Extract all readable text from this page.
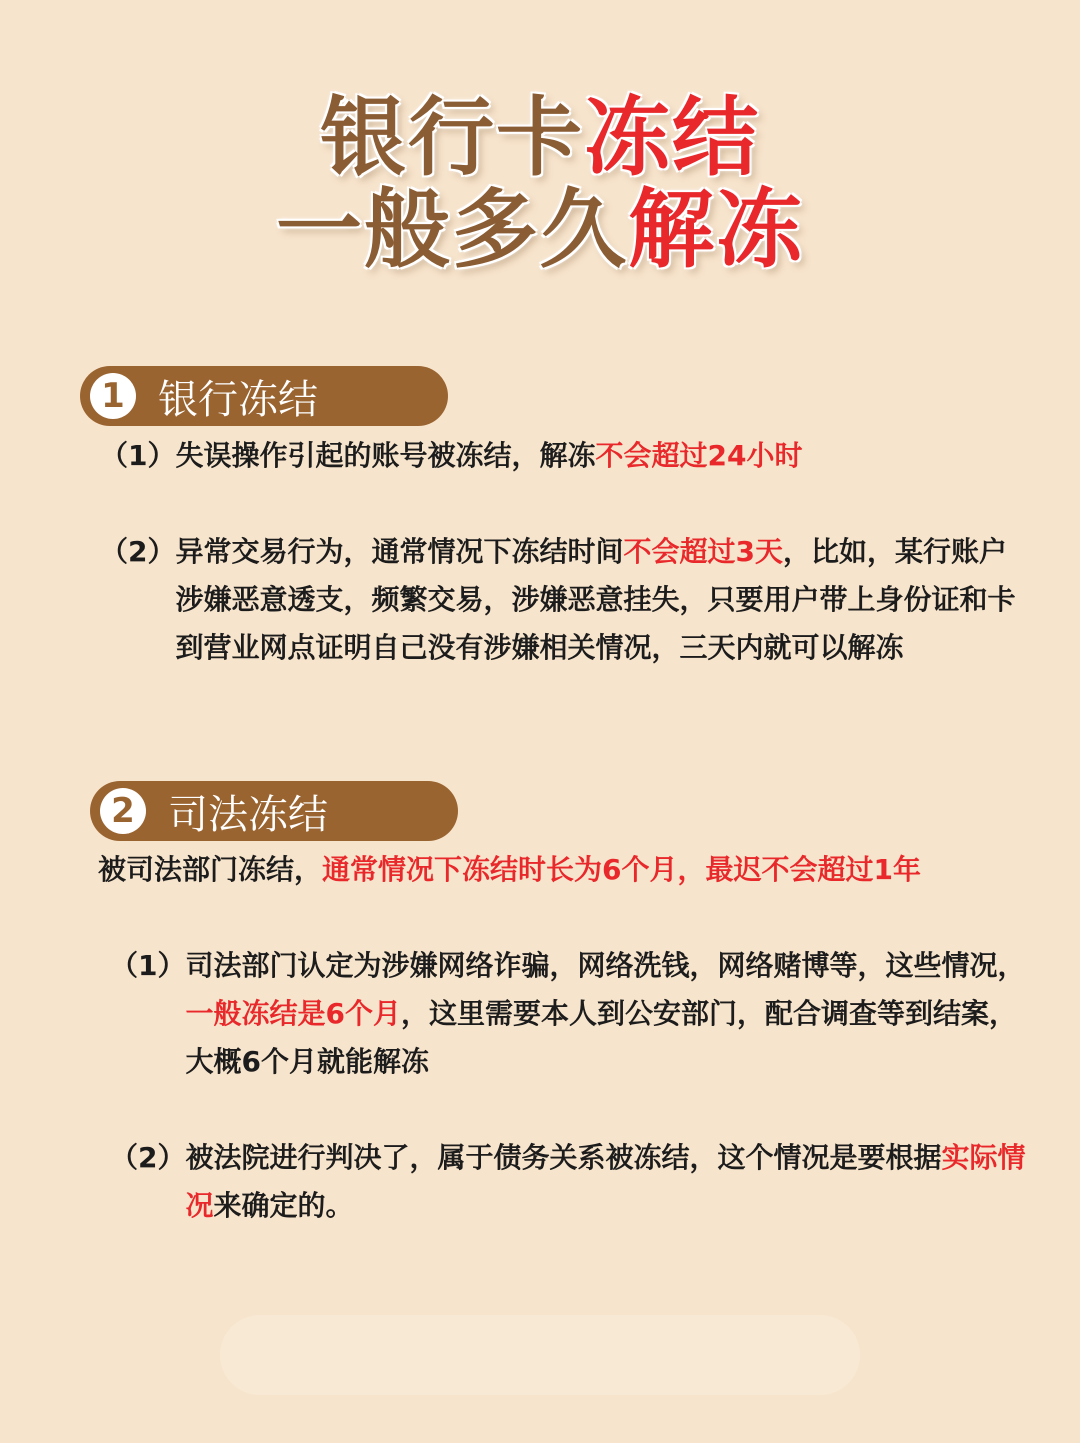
银行卡冻结
一般多久解冻
1 银行冻结

（1）失误操作引起的账号被冻结，解冻不会超过24小时

（2） 异常交易行为，通常情况下冻结时间不会超过3天，比如，某行账户涉嫌恶意透支，频繁交易，涉嫌恶意挂失，只要用户带上身份证和卡到营业网点证明自己没有涉嫌相关情况，三天内就可以解冻
2 司法冻结

被司法部门冻结，通常情况下冻结时长为6个月，最迟不会超过1年

（1） 司法部门认定为涉嫌网络诈骗，网络洗钱，网络赌博等，这些情况，一般冻结是6个月，这里需要本人到公安部门，配合调查等到结案，大概6个月就能解冻
（2） 被法院进行判决了，属于债务关系被冻结，这个情况是要根据实际情况来确定的。
